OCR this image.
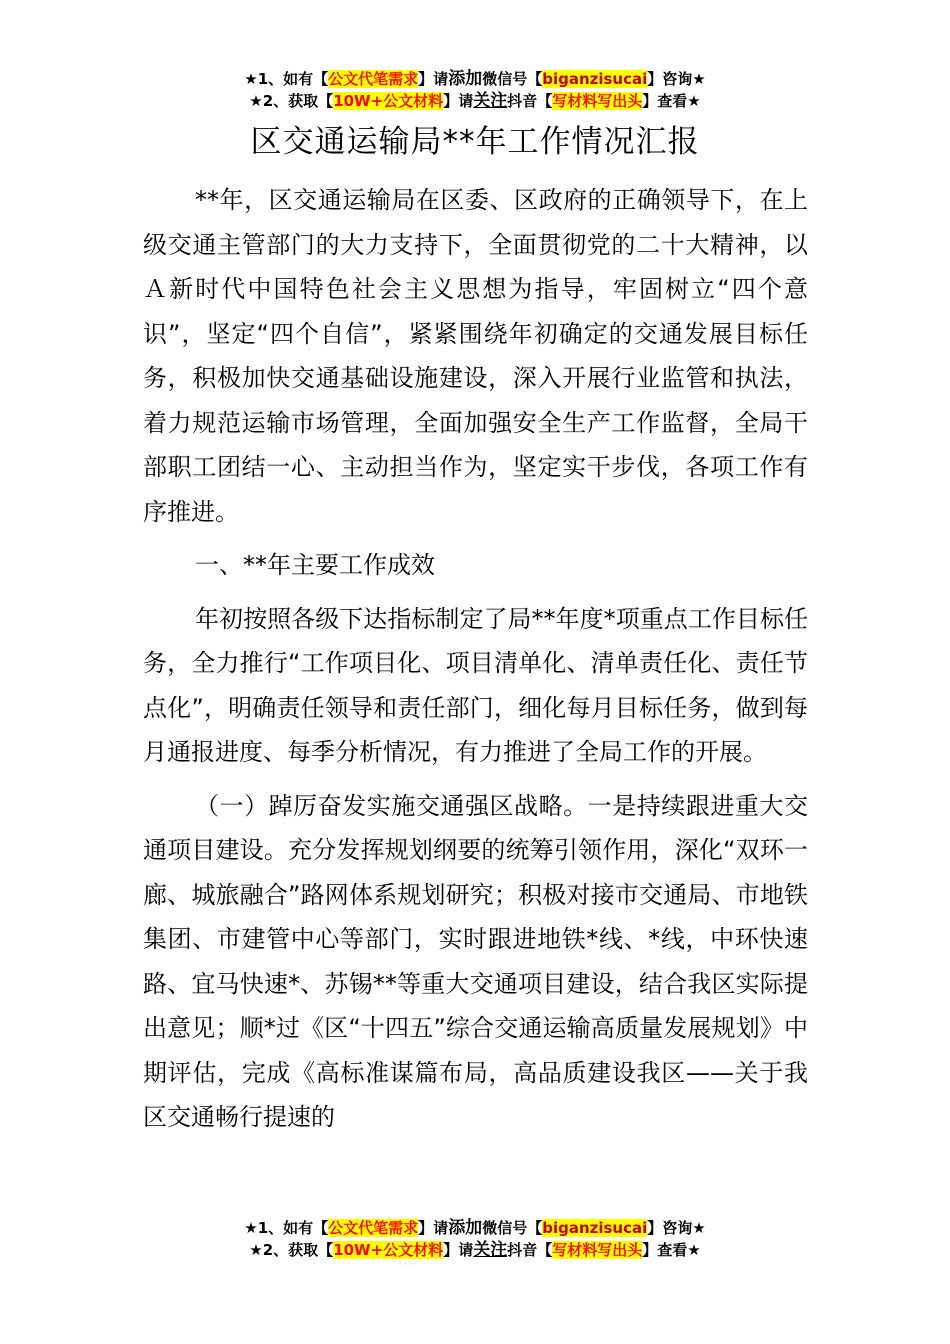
★1、如有【公文代笔需求】请添加微信号【biganzisucai】咨询★
★2、获取【10W+公文材料】请关注抖音【写材料写出头】查看★
区交通运输局**年工作情况汇报

**年，区交通运输局在区委、区政府的正确领导下，在上级交通主管部门的大力支持下，全面贯彻党的二十大精神，以Ａ新时代中国特色社会主义思想为指导，牢固树立“四个意识”，坚定“四个自信”，紧紧围绕年初确定的交通发展目标任务，积极加快交通基础设施建设，深入开展行业监管和执法，着力规范运输市场管理，全面加强安全生产工作监督，全局干部职工团结一心、主动担当作为，坚定实干步伐，各项工作有序推进。

一、**年主要工作成效

年初按照各级下达指标制定了局**年度*项重点工作目标任务，全力推行“工作项目化、项目清单化、清单责任化、责任节点化”，明确责任领导和责任部门，细化每月目标任务，做到每月通报进度、每季分析情况，有力推进了全局工作的开展。

（一）踔厉奋发实施交通强区战略。一是持续跟进重大交通项目建设。充分发挥规划纲要的统筹引领作用，深化“双环一廊、城旅融合”路网体系规划研究；积极对接市交通局、市地铁集团、市建管中心等部门，实时跟进地铁*线、*线，中环快速路、宜马快速*、苏锡**等重大交通项目建设，结合我区实际提出意见；顺*过《区“十四五”综合交通运输高质量发展规划》中期评估，完成《高标准谋篇布局，高品质建设我区——关于我区交通畅行提速的

★1、如有【公文代笔需求】请添加微信号【biganzisucai】咨询★
★2、获取【10W+公文材料】请关注抖音【写材料写出头】查看★
